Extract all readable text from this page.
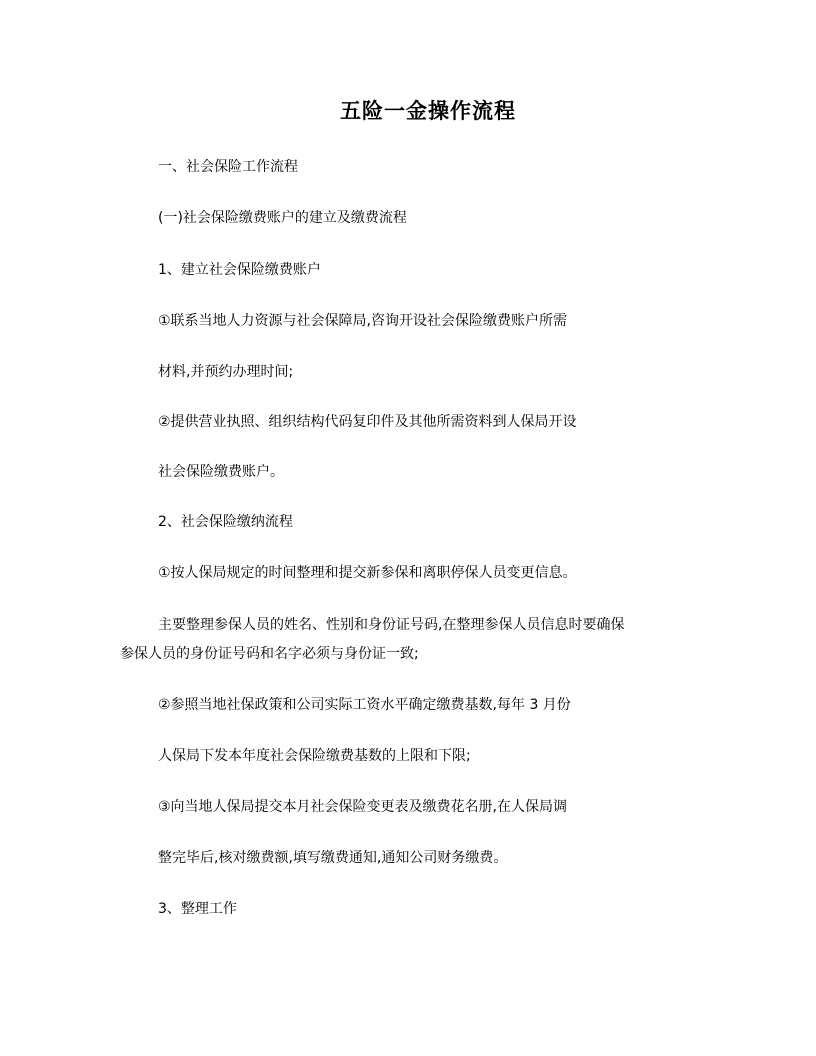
五险一金操作流程
一、社会保险工作流程
(一)社会保险缴费账户的建立及缴费流程
1、建立社会保险缴费账户
①联系当地人力资源与社会保障局,咨询开设社会保险缴费账户所需
材料,并预约办理时间;
②提供营业执照、组织结构代码复印件及其他所需资料到人保局开设
社会保险缴费账户。
2、社会保险缴纳流程
①按人保局规定的时间整理和提交新参保和离职停保人员变更信息。
主要整理参保人员的姓名、性别和身份证号码,在整理参保人员信息时要确保
参保人员的身份证号码和名字必须与身份证一致;
②参照当地社保政策和公司实际工资水平确定缴费基数,每年 3 月份
人保局下发本年度社会保险缴费基数的上限和下限;
③向当地人保局提交本月社会保险变更表及缴费花名册,在人保局调
整完毕后,核对缴费额,填写缴费通知,通知公司财务缴费。
3、整理工作
